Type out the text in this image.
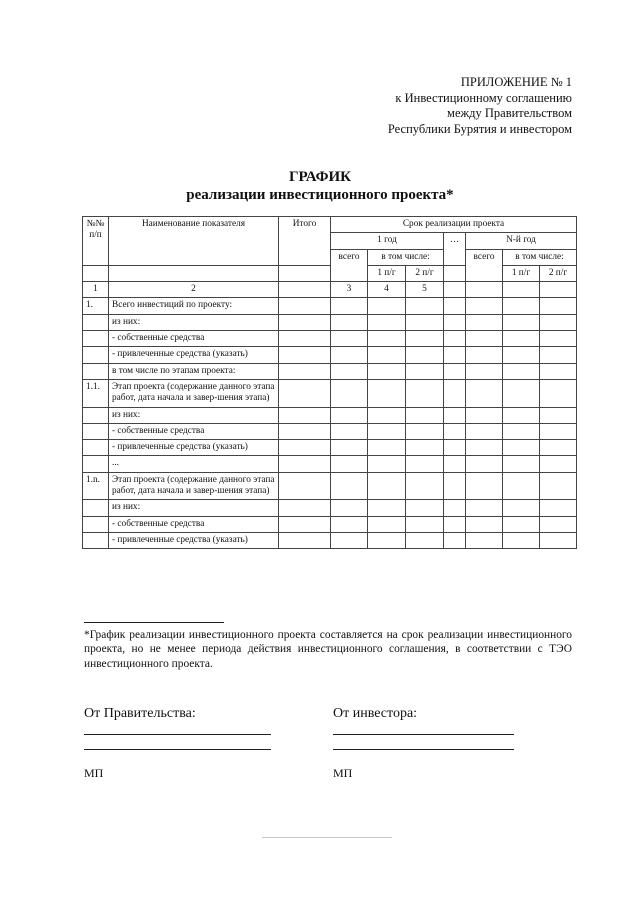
ПРИЛОЖЕНИЕ № 1
к Инвестиционному соглашению
между Правительством
Республики Бурятия и инвестором
ГРАФИК
реализации инвестиционного проекта*
№№
п/п	Наименование показателя	Итого	Срок реализации проекта						
			1 год			…	N-й год		
			всего	в том числе:			всего	в том числе:	
				1 п/г	2 п/г			1 п/г	2 п/г
1	2		3	4	5				
1.	Всего инвестиций по проекту:								
	из них:								
	- собственные средства								
	- привлеченные средства (указать)								
	в том числе по этапам проекта:								
1.1.	Этап проекта (содержание данного этапа работ, дата начала и завер-шения этапа)								
	из них:								
	- собственные средства								
	- привлеченные средства (указать)								
	...								
1.n.	Этап проекта (содержание данного этапа работ, дата начала и завер-шения этапа)								
	из них:								
	- собственные средства								
	- привлеченные средства (указать)								
*График реализации инвестиционного проекта составляется на срок реализации инвестиционного проекта, но не менее периода действия инвестиционного соглашения, в соответствии с ТЭО инвестиционного проекта.
От Правительства:	От инвестора:
МП	МП
